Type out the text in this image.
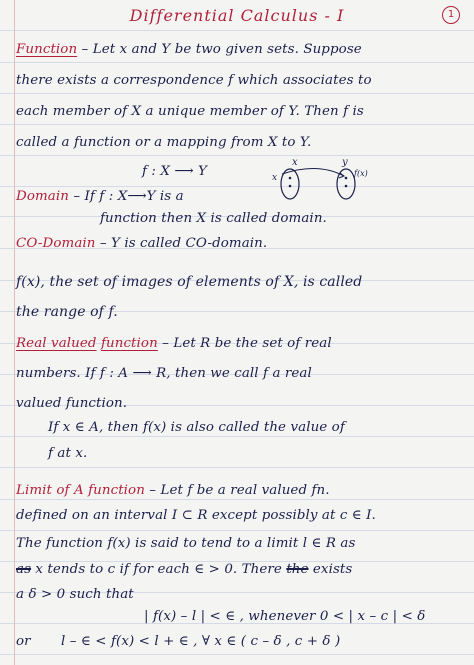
Differential Calculus - I	1
Function – Let x and Y be two given sets. Suppose
there exists a correspondence f which associates to
each member of X a unique member of Y. Then f is
called a function or a mapping from X to Y.
f : X ⟶ Y
x	y
f(x)
x
Domain – If f : X⟶Y is a
function then X is called domain.
CO-Domain – Y is called CO-domain.
f(x), the set of images of elements of X, is called
the range of f.
Real valued function – Let R be the set of real
numbers. If f : A ⟶ R, then we call f a real
valued function.
If x ∈ A, then f(x) is also called the value of
f at x.
Limit of A function – Let f be a real valued fn.
defined on an interval I ⊂ R except possibly at c ∈ I.
The function f(x) is said to tend to a limit l ∈ R as
as x tends to c if for each ∈ > 0. There the exists
a δ > 0 such that
| f(x) – l | < ∈ , whenever 0 < | x – c | < δ
or l – ∈ < f(x) < l + ∈ , ∀ x ∈ ( c – δ , c + δ )
